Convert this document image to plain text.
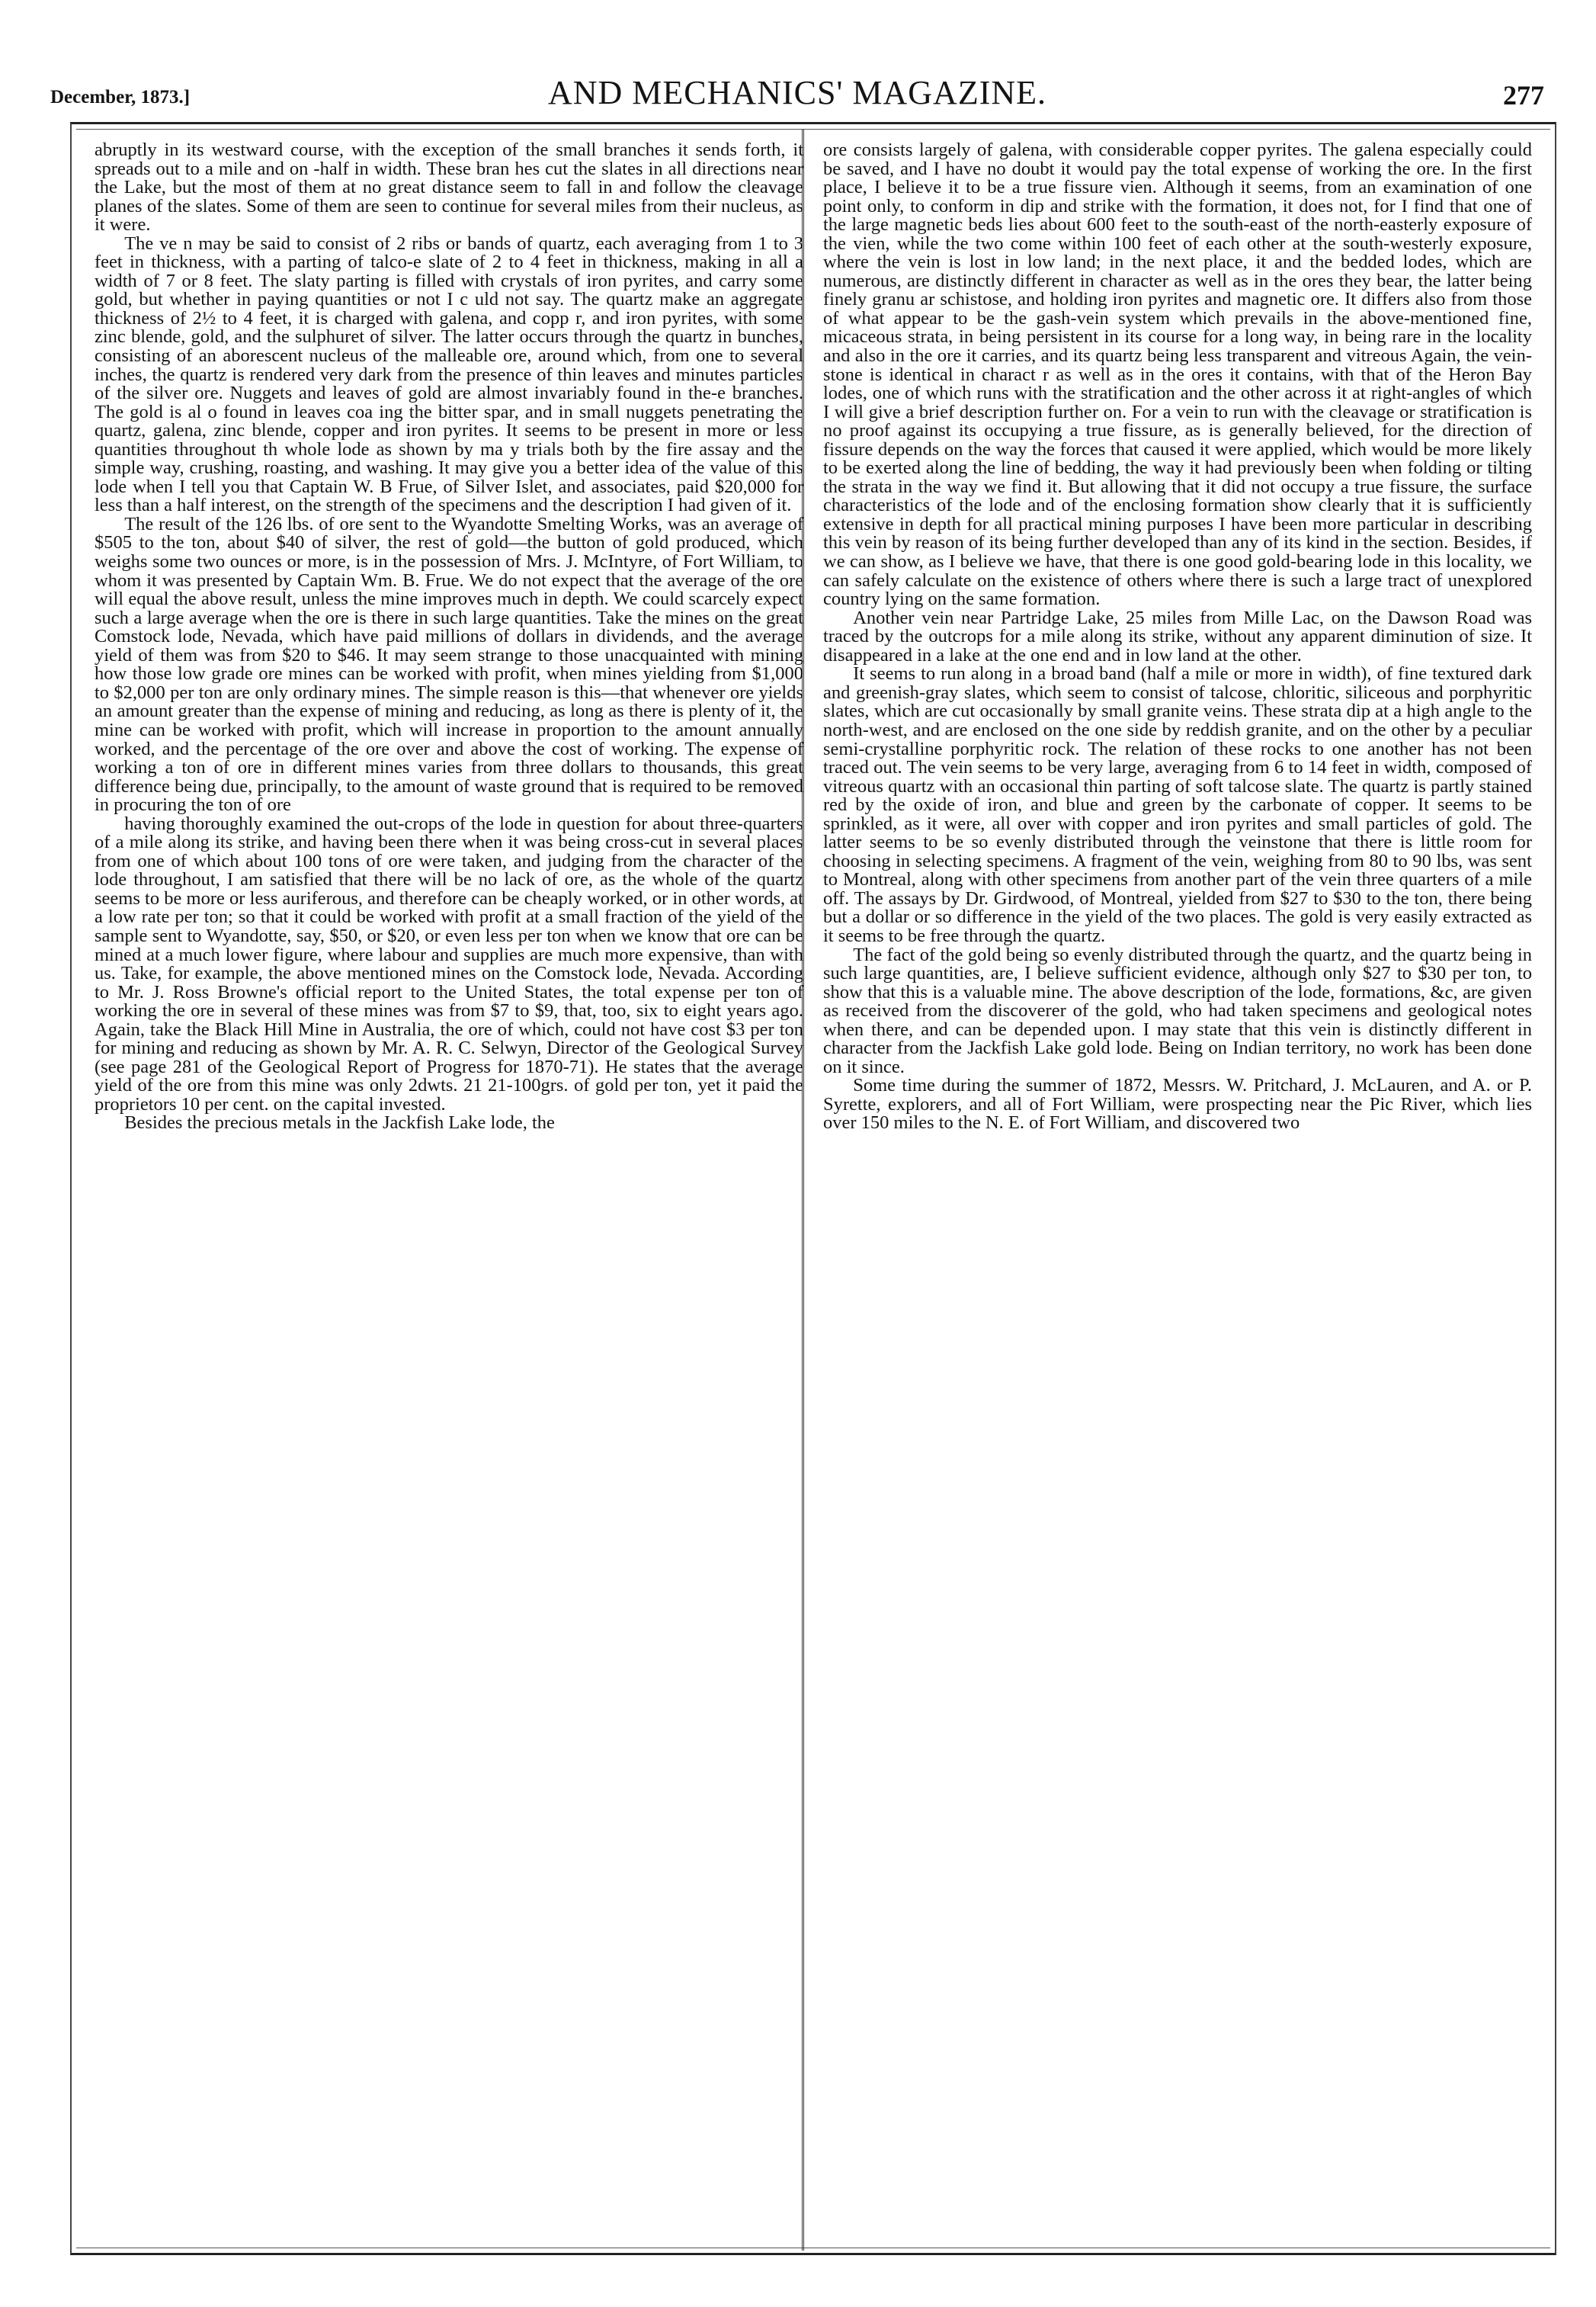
December, 1873.]	AND MECHANICS' MAGAZINE.	277

abruptly in its westward course, with the exception of the small branches it sends forth, it spreads out to a mile and on -half in width. These bran hes cut the slates in all directions near the Lake, but the most of them at no great distance seem to fall in and follow the cleavage planes of the slates. Some of them are seen to continue for several miles from their nucleus, as it were.

The ve n may be said to consist of 2 ribs or bands of quartz, each averaging from 1 to 3 feet in thickness, with a parting of talco-e slate of 2 to 4 feet in thickness, making in all a width of 7 or 8 feet. The slaty parting is filled with crystals of iron pyrites, and carry some gold, but whether in paying quantities or not I c uld not say. The quartz make an aggregate thickness of 2½ to 4 feet, it is charged with galena, and copp r, and iron pyrites, with some zinc blende, gold, and the sulphuret of silver. The latter occurs through the quartz in bunches, consisting of an aborescent nucleus of the malleable ore, around which, from one to several inches, the quartz is rendered very dark from the presence of thin leaves and minutes particles of the silver ore. Nuggets and leaves of gold are almost invariably found in the-e branches. The gold is al o found in leaves coa ing the bitter spar, and in small nuggets penetrating the quartz, galena, zinc blende, copper and iron pyrites. It seems to be present in more or less quantities throughout th whole lode as shown by ma y trials both by the fire assay and the simple way, crushing, roasting, and washing. It may give you a better idea of the value of this lode when I tell you that Captain W. B Frue, of Silver Islet, and associates, paid $20,000 for less than a half interest, on the strength of the specimens and the description I had given of it.

The result of the 126 lbs. of ore sent to the Wyandotte Smelting Works, was an average of $505 to the ton, about $40 of silver, the rest of gold—the button of gold produced, which weighs some two ounces or more, is in the possession of Mrs. J. McIntyre, of Fort William, to whom it was presented by Captain Wm. B. Frue. We do not expect that the average of the ore will equal the above result, unless the mine improves much in depth. We could scarcely expect such a large average when the ore is there in such large quantities. Take the mines on the great Comstock lode, Nevada, which have paid millions of dollars in dividends, and the average yield of them was from $20 to $46. It may seem strange to those unacquainted with mining how those low grade ore mines can be worked with profit, when mines yielding from $1,000 to $2,000 per ton are only ordinary mines. The simple reason is this—that whenever ore yields an amount greater than the expense of mining and reducing, as long as there is plenty of it, the mine can be worked with profit, which will increase in proportion to the amount annually worked, and the percentage of the ore over and above the cost of working. The expense of working a ton of ore in different mines varies from three dollars to thousands, this great difference being due, principally, to the amount of waste ground that is required to be removed in procuring the ton of ore

having thoroughly examined the out-crops of the lode in question for about three-quarters of a mile along its strike, and having been there when it was being cross-cut in several places from one of which about 100 tons of ore were taken, and judging from the character of the lode throughout, I am satisfied that there will be no lack of ore, as the whole of the quartz seems to be more or less auriferous, and therefore can be cheaply worked, or in other words, at a low rate per ton; so that it could be worked with profit at a small fraction of the yield of the sample sent to Wyandotte, say, $50, or $20, or even less per ton when we know that ore can be mined at a much lower figure, where labour and supplies are much more expensive, than with us. Take, for example, the above mentioned mines on the Comstock lode, Nevada. According to Mr. J. Ross Browne's official report to the United States, the total expense per ton of working the ore in several of these mines was from $7 to $9, that, too, six to eight years ago. Again, take the Black Hill Mine in Australia, the ore of which, could not have cost $3 per ton for mining and reducing as shown by Mr. A. R. C. Selwyn, Director of the Geological Survey (see page 281 of the Geological Report of Progress for 1870-71). He states that the average yield of the ore from this mine was only 2dwts. 21 21-100grs. of gold per ton, yet it paid the proprietors 10 per cent. on the capital invested.

Besides the precious metals in the Jackfish Lake lode, the

ore consists largely of galena, with considerable copper pyrites. The galena especially could be saved, and I have no doubt it would pay the total expense of working the ore. In the first place, I believe it to be a true fissure vien. Although it seems, from an examination of one point only, to conform in dip and strike with the formation, it does not, for I find that one of the large magnetic beds lies about 600 feet to the south-east of the north-easterly exposure of the vien, while the two come within 100 feet of each other at the south-westerly exposure, where the vein is lost in low land; in the next place, it and the bedded lodes, which are numerous, are distinctly different in character as well as in the ores they bear, the latter being finely granu ar schistose, and holding iron pyrites and magnetic ore. It differs also from those of what appear to be the gash-vein system which prevails in the above-mentioned fine, micaceous strata, in being persistent in its course for a long way, in being rare in the locality and also in the ore it carries, and its quartz being less transparent and vitreous Again, the vein-stone is identical in charact r as well as in the ores it contains, with that of the Heron Bay lodes, one of which runs with the stratification and the other across it at right-angles of which I will give a brief description further on. For a vein to run with the cleavage or stratification is no proof against its occupying a true fissure, as is generally believed, for the direction of fissure depends on the way the forces that caused it were applied, which would be more likely to be exerted along the line of bedding, the way it had previously been when folding or tilting the strata in the way we find it. But allowing that it did not occupy a true fissure, the surface characteristics of the lode and of the enclosing formation show clearly that it is sufficiently extensive in depth for all practical mining purposes I have been more particular in describing this vein by reason of its being further developed than any of its kind in the section. Besides, if we can show, as I believe we have, that there is one good gold-bearing lode in this locality, we can safely calculate on the existence of others where there is such a large tract of unexplored country lying on the same formation.

Another vein near Partridge Lake, 25 miles from Mille Lac, on the Dawson Road was traced by the outcrops for a mile along its strike, without any apparent diminution of size. It disappeared in a lake at the one end and in low land at the other.

It seems to run along in a broad band (half a mile or more in width), of fine textured dark and greenish-gray slates, which seem to consist of talcose, chloritic, siliceous and porphyritic slates, which are cut occasionally by small granite veins. These strata dip at a high angle to the north-west, and are enclosed on the one side by reddish granite, and on the other by a peculiar semi-crystalline porphyritic rock. The relation of these rocks to one another has not been traced out. The vein seems to be very large, averaging from 6 to 14 feet in width, composed of vitreous quartz with an occasional thin parting of soft talcose slate. The quartz is partly stained red by the oxide of iron, and blue and green by the carbonate of copper. It seems to be sprinkled, as it were, all over with copper and iron pyrites and small particles of gold. The latter seems to be so evenly distributed through the veinstone that there is little room for choosing in selecting specimens. A fragment of the vein, weighing from 80 to 90 lbs, was sent to Montreal, along with other specimens from another part of the vein three quarters of a mile off. The assays by Dr. Girdwood, of Montreal, yielded from $27 to $30 to the ton, there being but a dollar or so difference in the yield of the two places. The gold is very easily extracted as it seems to be free through the quartz.

The fact of the gold being so evenly distributed through the quartz, and the quartz being in such large quantities, are, I believe sufficient evidence, although only $27 to $30 per ton, to show that this is a valuable mine. The above description of the lode, formations, &c, are given as received from the discoverer of the gold, who had taken specimens and geological notes when there, and can be depended upon. I may state that this vein is distinctly different in character from the Jackfish Lake gold lode. Being on Indian territory, no work has been done on it since.

Some time during the summer of 1872, Messrs. W. Pritchard, J. McLauren, and A. or P. Syrette, explorers, and all of Fort William, were prospecting near the Pic River, which lies over 150 miles to the N. E. of Fort William, and discovered two
